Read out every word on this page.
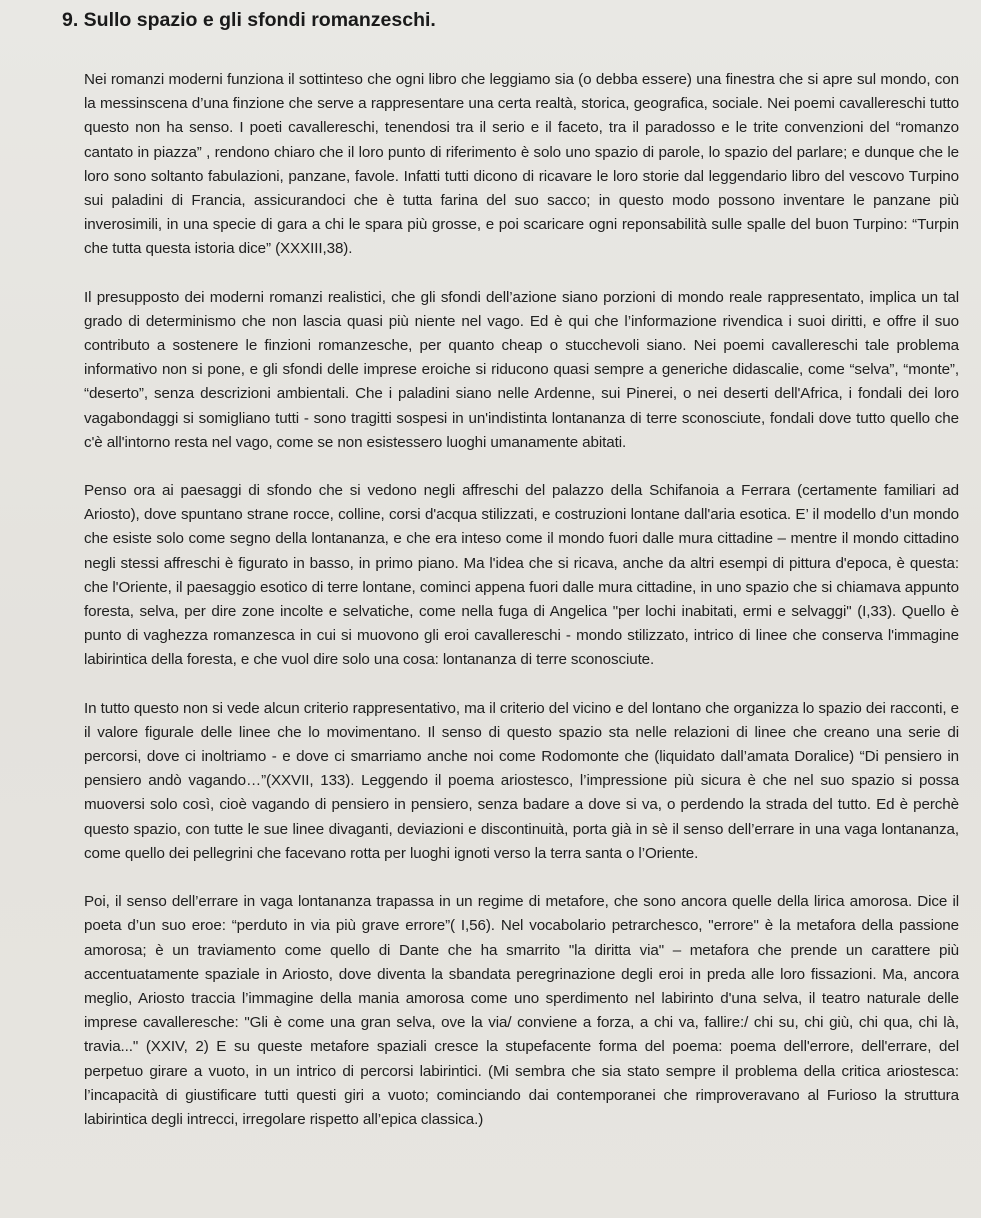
9. Sullo spazio e gli sfondi romanzeschi.

Nei romanzi moderni funziona il sottinteso che ogni libro che leggiamo sia (o debba essere) una finestra che si apre sul mondo, con la messinscena d’una finzione che serve a rappresentare una certa realtà, storica, geografica, sociale. Nei poemi cavallereschi tutto questo non ha senso. I poeti cavallereschi, tenendosi tra il serio e il faceto, tra il paradosso e le trite convenzioni del “romanzo cantato in piazza” , rendono chiaro che il loro punto di riferimento è solo uno spazio di parole, lo spazio del parlare; e dunque che le loro sono soltanto fabulazioni, panzane, favole. Infatti tutti dicono di ricavare le loro storie dal leggendario libro del vescovo Turpino sui paladini di Francia, assicurandoci che è tutta farina del suo sacco; in questo modo possono inventare le panzane più inverosimili, in una specie di gara a chi le spara più grosse, e poi scaricare ogni reponsabilità sulle spalle del buon Turpino: “Turpin che tutta questa istoria dice” (XXXIII,38).

Il presupposto dei moderni romanzi realistici, che gli sfondi dell’azione siano porzioni di mondo reale rappresentato, implica un tal grado di determinismo che non lascia quasi più niente nel vago. Ed è qui che l’informazione rivendica i suoi diritti, e offre il suo contributo a sostenere le finzioni romanzesche, per quanto cheap o stucchevoli siano. Nei poemi cavallereschi tale problema informativo non si pone, e gli sfondi delle imprese eroiche si riducono quasi sempre a generiche didascalie, come “selva”, “monte”, “deserto”, senza descrizioni ambientali. Che i paladini siano nelle Ardenne, sui Pinerei, o nei deserti dell'Africa, i fondali dei loro vagabondaggi si somigliano tutti - sono tragitti sospesi in un'indistinta lontananza di terre sconosciute, fondali dove tutto quello che c'è all'intorno resta nel vago, come se non esistessero luoghi umanamente abitati.

Penso ora ai paesaggi di sfondo che si vedono negli affreschi del palazzo della Schifanoia a Ferrara (certamente familiari ad Ariosto), dove spuntano strane rocce, colline, corsi d'acqua stilizzati, e costruzioni lontane dall'aria esotica. E’ il modello d’un mondo che esiste solo come segno della lontananza, e che era inteso come il mondo fuori dalle mura cittadine – mentre il mondo cittadino negli stessi affreschi è figurato in basso, in primo piano. Ma l'idea che si ricava, anche da altri esempi di pittura d'epoca, è questa: che l'Oriente, il paesaggio esotico di terre lontane, cominci appena fuori dalle mura cittadine, in uno spazio che si chiamava appunto foresta, selva, per dire zone incolte e selvatiche, come nella fuga di Angelica "per lochi inabitati, ermi e selvaggi" (I,33). Quello è punto di vaghezza romanzesca in cui si muovono gli eroi cavallereschi - mondo stilizzato, intrico di linee che conserva l'immagine labirintica della foresta, e che vuol dire solo una cosa: lontananza di terre sconosciute.

In tutto questo non si vede alcun criterio rappresentativo, ma il criterio del vicino e del lontano che organizza lo spazio dei racconti, e il valore figurale delle linee che lo movimentano. Il senso di questo spazio sta nelle relazioni di linee che creano una serie di percorsi, dove ci inoltriamo - e dove ci smarriamo anche noi come Rodomonte che (liquidato dall’amata Doralice) “Di pensiero in pensiero andò vagando…”(XXVII, 133). Leggendo il poema ariostesco, l’impressione più sicura è che nel suo spazio si possa muoversi solo così, cioè vagando di pensiero in pensiero, senza badare a dove si va, o perdendo la strada del tutto. Ed è perchè questo spazio, con tutte le sue linee divaganti, deviazioni e discontinuità, porta già in sè il senso dell’errare in una vaga lontananza, come quello dei pellegrini che facevano rotta per luoghi ignoti verso la terra santa o l’Oriente.

Poi, il senso dell’errare in vaga lontananza trapassa in un regime di metafore, che sono ancora quelle della lirica amorosa. Dice il poeta d’un suo eroe: “perduto in via più grave errore”( I,56). Nel vocabolario petrarchesco, "errore" è la metafora della passione amorosa; è un traviamento come quello di Dante che ha smarrito "la diritta via" – metafora che prende un carattere più accentuatamente spaziale in Ariosto, dove diventa la sbandata peregrinazione degli eroi in preda alle loro fissazioni. Ma, ancora meglio, Ariosto traccia l’immagine della mania amorosa come uno sperdimento nel labirinto d'una selva, il teatro naturale delle imprese cavalleresche: "Gli è come una gran selva, ove la via/ conviene a forza, a chi va, fallire:/ chi su, chi giù, chi qua, chi là, travia..." (XXIV, 2) E su queste metafore spaziali cresce la stupefacente forma del poema: poema dell'errore, dell'errare, del perpetuo girare a vuoto, in un intrico di percorsi labirintici. (Mi sembra che sia stato sempre il problema della critica ariostesca: l’incapacità di giustificare tutti questi giri a vuoto; cominciando dai contemporanei che rimproveravano al Furioso la struttura labirintica degli intrecci, irregolare rispetto all’epica classica.)
